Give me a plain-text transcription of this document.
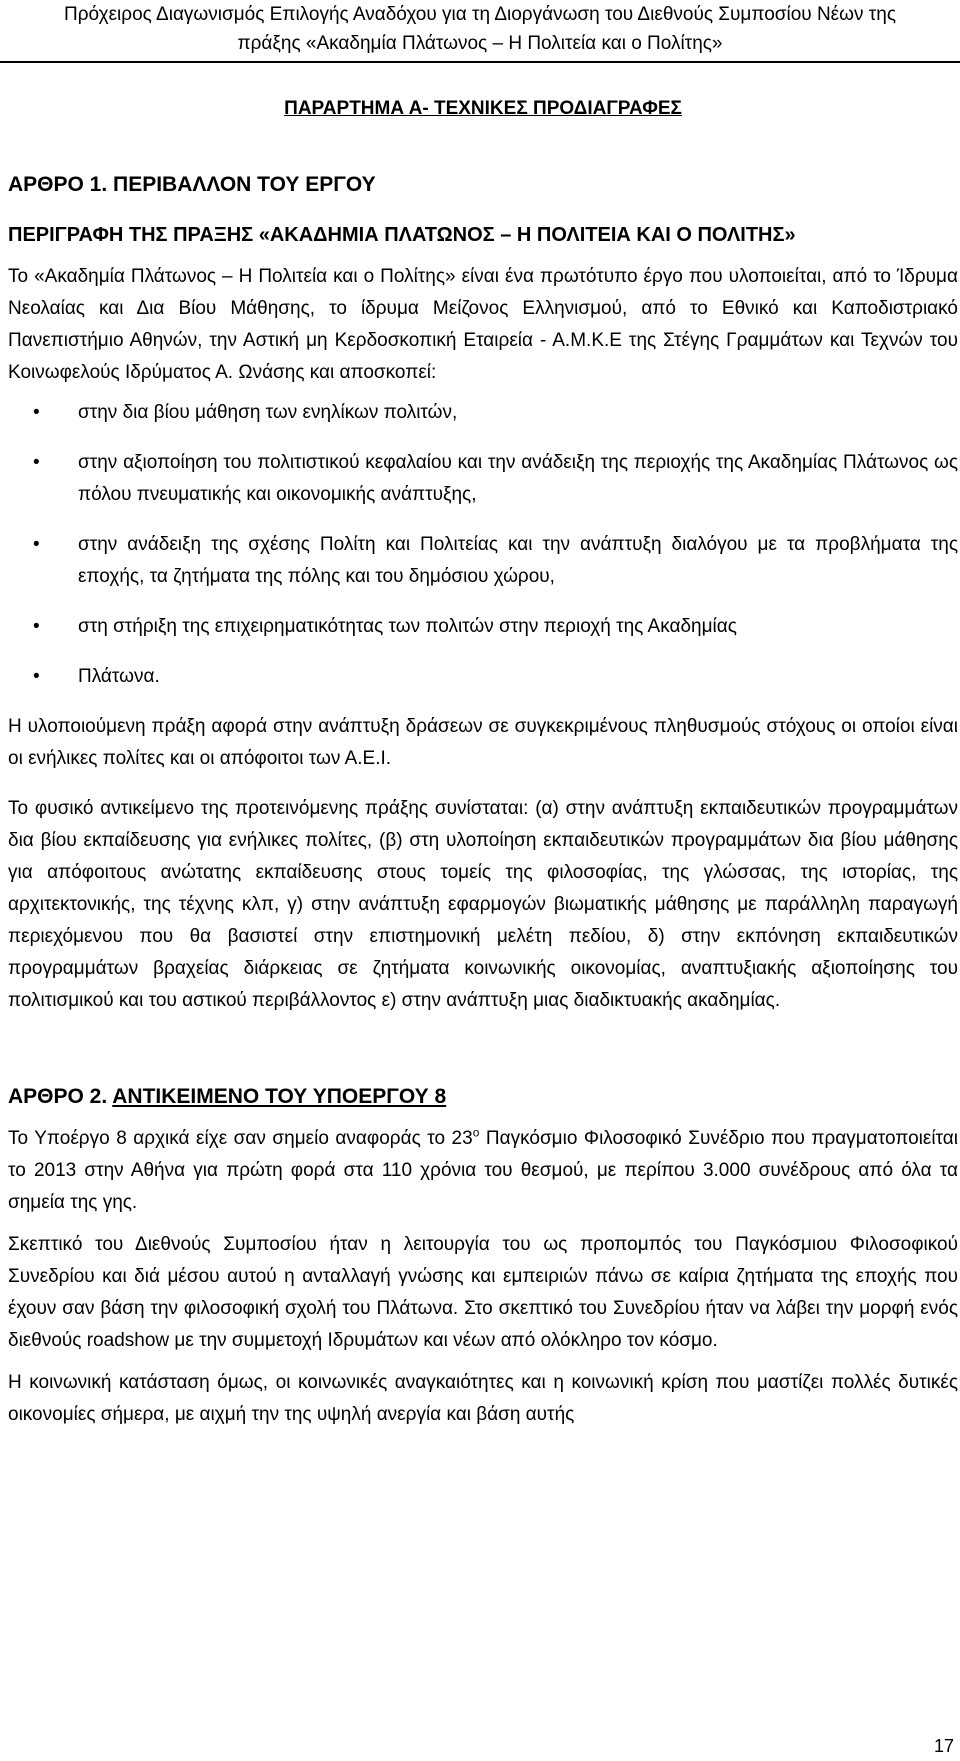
Πρόχειρος Διαγωνισμός Επιλογής Αναδόχου για τη Διοργάνωση του Διεθνούς Συμποσίου Νέων της
πράξης «Ακαδημία Πλάτωνος – Η Πολιτεία και ο Πολίτης»
ΠΑΡΑΡΤΗΜΑ Α- ΤΕΧΝΙΚΕΣ ΠΡΟΔΙΑΓΡΑΦΕΣ
ΑΡΘΡΟ 1. ΠΕΡΙΒΑΛΛΟΝ ΤΟΥ ΕΡΓΟΥ
ΠΕΡΙΓΡΑΦΗ ΤΗΣ ΠΡΑΞΗΣ «ΑΚΑΔΗΜΙΑ ΠΛΑΤΩΝΟΣ – Η ΠΟΛΙΤΕΙΑ ΚΑΙ Ο ΠΟΛΙΤΗΣ»

Το «Ακαδημία Πλάτωνος – Η Πολιτεία και ο Πολίτης» είναι ένα πρωτότυπο έργο που υλοποιείται, από το Ίδρυμα Νεολαίας και Δια Βίου Μάθησης, το ίδρυμα Μείζονος Ελληνισμού, από το Εθνικό και Καποδιστριακό Πανεπιστήμιο Αθηνών, την Αστική μη Κερδοσκοπική Εταιρεία - Α.Μ.Κ.Ε της Στέγης Γραμμάτων και Τεχνών του Κοινωφελούς Ιδρύματος Α. Ωνάσης και αποσκοπεί:

• στην δια βίου μάθηση των ενηλίκων πολιτών,
• στην αξιοποίηση του πολιτιστικού κεφαλαίου και την ανάδειξη της περιοχής της Ακαδημίας Πλάτωνος ως πόλου πνευματικής και οικονομικής ανάπτυξης,
• στην ανάδειξη της σχέσης Πολίτη και Πολιτείας και την ανάπτυξη διαλόγου με τα προβλήματα της εποχής, τα ζητήματα της πόλης και του δημόσιου χώρου,
• στη στήριξη της επιχειρηματικότητας των πολιτών στην περιοχή της Ακαδημίας
• Πλάτωνα.

Η υλοποιούμενη πράξη αφορά στην ανάπτυξη δράσεων σε συγκεκριμένους πληθυσμούς στόχους οι οποίοι είναι οι ενήλικες πολίτες και οι απόφοιτοι των Α.Ε.Ι.

Το φυσικό αντικείμενο της προτεινόμενης πράξης συνίσταται: (α) στην ανάπτυξη εκπαιδευτικών προγραμμάτων δια βίου εκπαίδευσης για ενήλικες πολίτες, (β) στη υλοποίηση εκπαιδευτικών προγραμμάτων δια βίου μάθησης για απόφοιτους ανώτατης εκπαίδευσης στους τομείς της φιλοσοφίας, της γλώσσας, της ιστορίας, της αρχιτεκτονικής, της τέχνης κλπ, γ) στην ανάπτυξη εφαρμογών βιωματικής μάθησης με παράλληλη παραγωγή περιεχόμενου που θα βασιστεί στην επιστημονική μελέτη πεδίου, δ) στην εκπόνηση εκπαιδευτικών προγραμμάτων βραχείας διάρκειας σε ζητήματα κοινωνικής οικονομίας, αναπτυξιακής αξιοποίησης του πολιτισμικού και του αστικού περιβάλλοντος ε) στην ανάπτυξη μιας διαδικτυακής ακαδημίας.

ΑΡΘΡΟ 2. ΑΝΤΙΚΕΙΜΕΝΟ ΤΟΥ ΥΠΟΕΡΓΟΥ 8

Το Υποέργο 8 αρχικά είχε σαν σημείο αναφοράς το $23^o$ Παγκόσμιο Φιλοσοφικό Συνέδριο που πραγματοποιείται το 2013 στην Αθήνα για πρώτη φορά στα 110 χρόνια του θεσμού, με περίπου 3.000 συνέδρους από όλα τα σημεία της γης.

Σκεπτικό του Διεθνούς Συμποσίου ήταν η λειτουργία του ως προπομπός του Παγκόσμιου Φιλοσοφικού Συνεδρίου και διά μέσου αυτού η ανταλλαγή γνώσης και εμπειριών πάνω σε καίρια ζητήματα της εποχής που έχουν σαν βάση την φιλοσοφική σχολή του Πλάτωνα. Στο σκεπτικό του Συνεδρίου ήταν να λάβει την μορφή ενός διεθνούς roadshow με την συμμετοχή Ιδρυμάτων και νέων από ολόκληρο τον κόσμο.

Η κοινωνική κατάσταση όμως, οι κοινωνικές αναγκαιότητες και η κοινωνική κρίση που μαστίζει πολλές δυτικές οικονομίες σήμερα, με αιχμή την της υψηλή ανεργία και βάση αυτής

17
